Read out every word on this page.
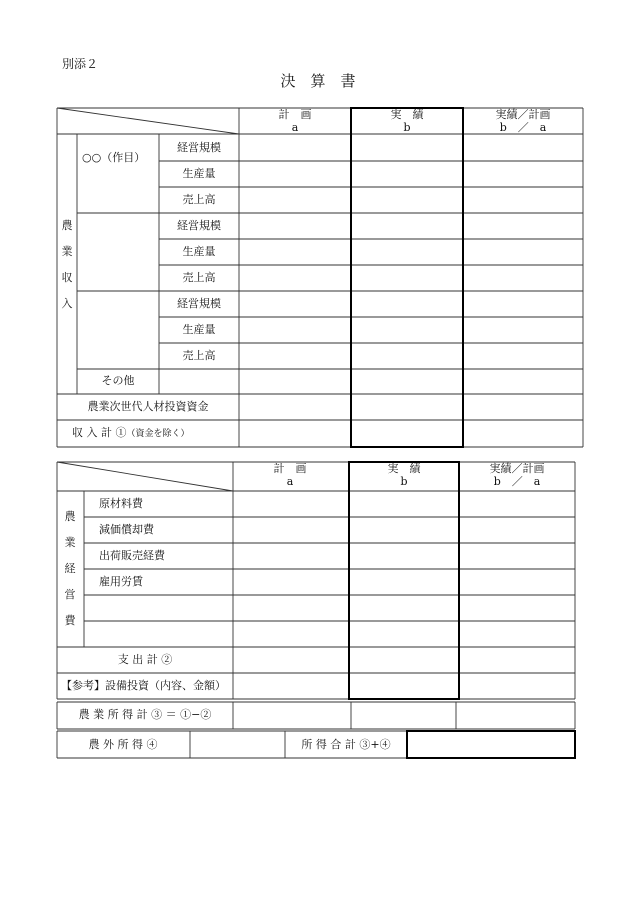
別添２
決　算　書
計　画
a
実　績
b
実績／計画
b　／　a
農
業
収
入
○○（作目）
経営規模
生産量
売上高
経営規模
生産量
売上高
経営規模
生産量
売上高
その他
農業次世代人材投資資金
収 入 計 ①（資金を除く）
計　画
a
実　績
b
実績／計画
b　／　a
農
業
経
営
費
原材料費
減価償却費
出荷販売経費
雇用労賃
支 出 計 ②
【参考】設備投資（内容、金額）
農 業 所 得 計 ③ ＝ ①−②
農 外 所 得 ④	所 得 合 計 ③+④
